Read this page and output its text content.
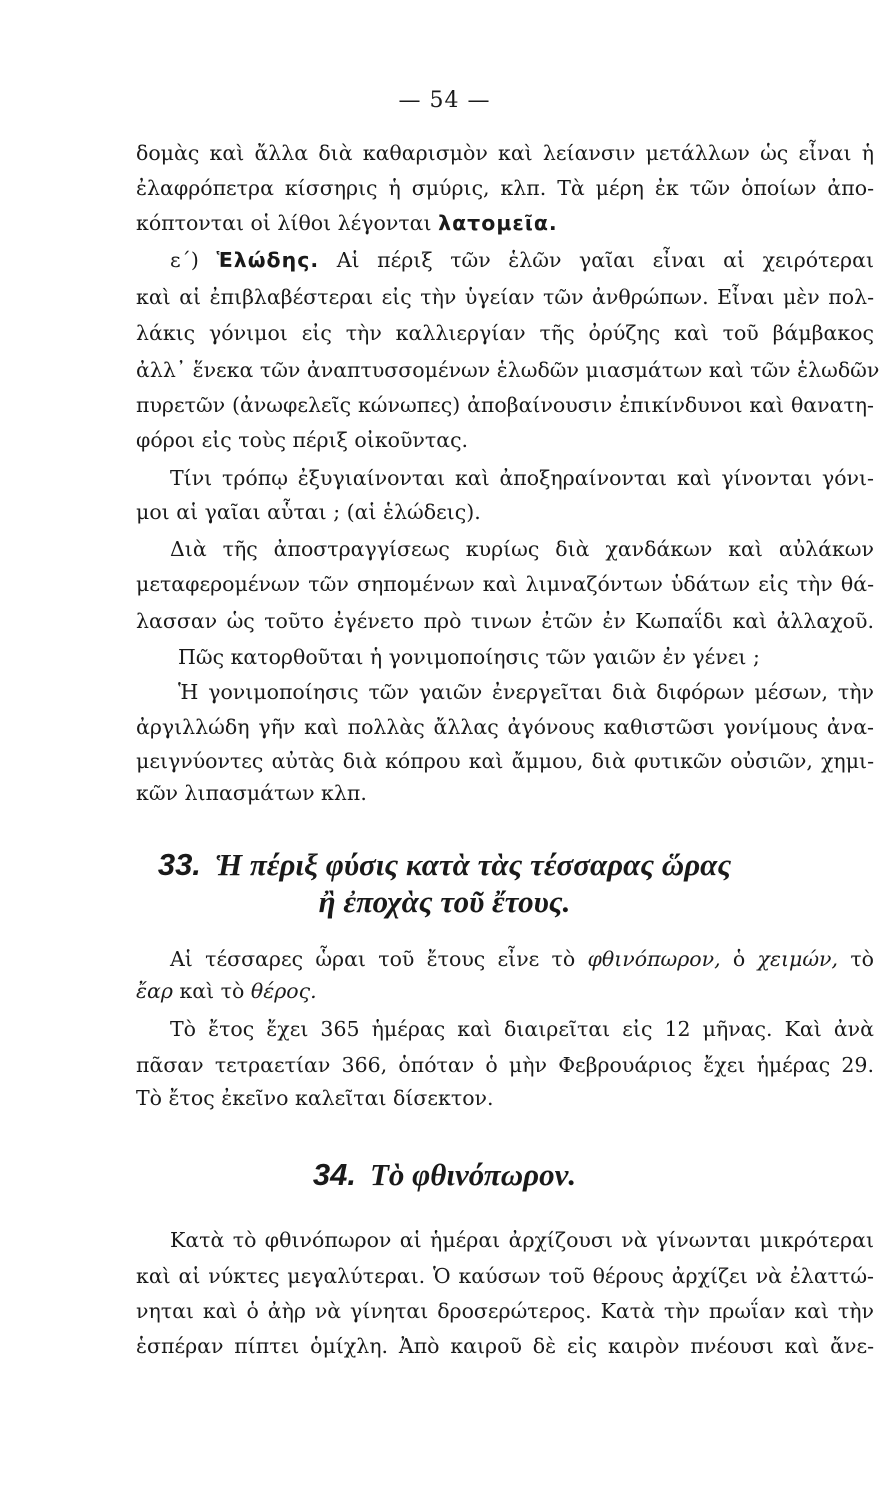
— 54 —
δομὰς καὶ ἄλλα διὰ καθαρισμὸν καὶ λείανσιν μετάλλων ὡς εἶναι ἡ
ἐλαφρόπετρα κίσσηρις ἡ σμύρις, κλπ. Τὰ μέρη ἐκ τῶν ὁποίων ἀπο-
κόπτονται οἱ λίθοι λέγονται λατομεῖα.
ε΄) Ἑλώδης. Αἱ πέριξ τῶν ἑλῶν γαῖαι εἶναι αἱ χειρότεραι
καὶ αἱ ἐπιβλαβέστεραι εἰς τὴν ὑγείαν τῶν ἀνθρώπων. Εἶναι μὲν πολ-
λάκις γόνιμοι εἰς τὴν καλλιεργίαν τῆς ὀρύζης καὶ τοῦ βάμβακος
ἀλλ᾿ ἕνεκα τῶν ἀναπτυσσομένων ἑλωδῶν μιασμάτων καὶ τῶν ἑλωδῶν
πυρετῶν (ἀνωφελεῖς κώνωπες) ἀποβαίνουσιν ἐπικίνδυνοι καὶ θανατη-
φόροι εἰς τοὺς πέριξ οἰκοῦντας.
Τίνι τρόπῳ ἐξυγιαίνονται καὶ ἀποξηραίνονται καὶ γίνονται γόνι-
μοι αἱ γαῖαι αὗται ; (αἱ ἑλώδεις).
Διὰ τῆς ἀποστραγγίσεως κυρίως διὰ χανδάκων καὶ αὐλάκων
μεταφερομένων τῶν σηπομένων καὶ λιμναζόντων ὑδάτων εἰς τὴν θά-
λασσαν ὡς τοῦτο ἐγένετο πρὸ τινων ἐτῶν ἐν Κωπαΐδι καὶ ἀλλαχοῦ.
Πῶς κατορθοῦται ἡ γονιμοποίησις τῶν γαιῶν ἐν γένει ;
Ἡ γονιμοποίησις τῶν γαιῶν ἐνεργεῖται διὰ διφόρων μέσων, τὴν
ἀργιλλώδη γῆν καὶ πολλὰς ἄλλας ἀγόνους καθιστῶσι γονίμους ἀνα-
μειγνύοντες αὐτὰς διὰ κόπρου καὶ ἄμμου, διὰ φυτικῶν οὐσιῶν, χημι-
κῶν λιπασμάτων κλπ.
33. Ἡ πέριξ φύσις κατὰ τὰς τέσσαρας ὥρας
ἢ ἐποχὰς τοῦ ἔτους.
Αἱ τέσσαρες ὧραι τοῦ ἔτους εἶνε τὸ φθινόπωρον, ὁ χειμών, τὸ
ἔαρ καὶ τὸ θέρος.
Τὸ ἔτος ἔχει 365 ἡμέρας καὶ διαιρεῖται εἰς 12 μῆνας. Καὶ ἀνὰ
πᾶσαν τετραετίαν 366, ὁπόταν ὁ μὴν Φεβρουάριος ἔχει ἡμέρας 29.
Τὸ ἔτος ἐκεῖνο καλεῖται δίσεκτον.
34. Τὸ φθινόπωρον.
Κατὰ τὸ φθινόπωρον αἱ ἡμέραι ἀρχίζουσι νὰ γίνωνται μικρότεραι
καὶ αἱ νύκτες μεγαλύτεραι. Ὁ καύσων τοῦ θέρους ἀρχίζει νὰ ἐλαττώ-
νηται καὶ ὁ ἀὴρ νὰ γίνηται δροσερώτερος. Κατὰ τὴν πρωΐαν καὶ τὴν
ἑσπέραν πίπτει ὁμίχλη. Ἀπὸ καιροῦ δὲ εἰς καιρὸν πνέουσι καὶ ἄνε-
